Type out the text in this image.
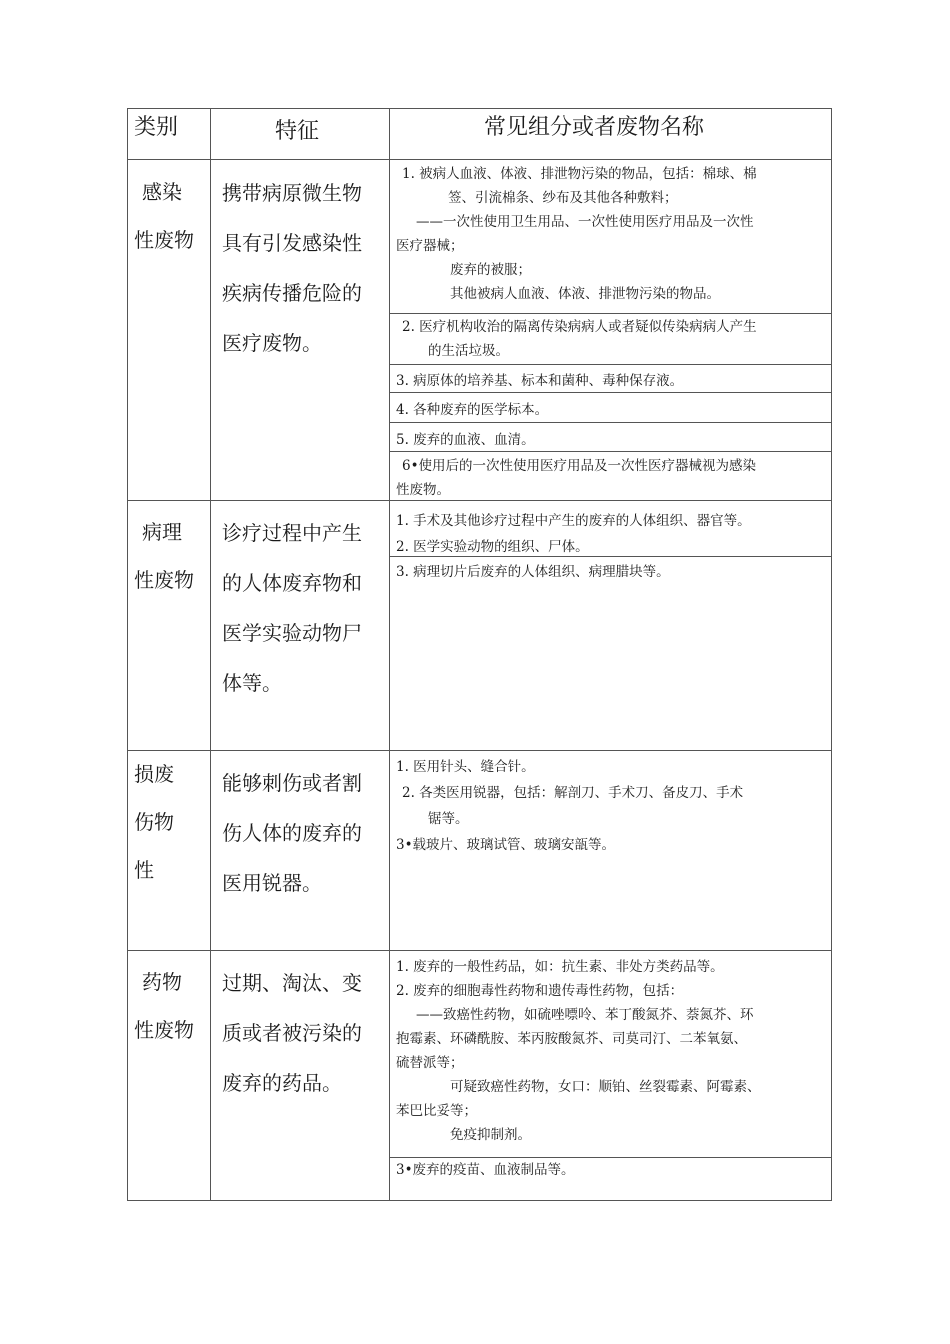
类别	特征	常见组分或者废物名称
感染
性废物
携带病原微生物
具有引发感染性
疾病传播危险的
医疗废物。
1. 被病人血液、体液、排泄物污染的物品，包括：棉球、棉
签、引流棉条、纱布及其他各种敷料；
——一次性使用卫生用品、一次性使用医疗用品及一次性
医疗器械；
废弃的被服；
其他被病人血液、体液、排泄物污染的物品。
2. 医疗机构收治的隔离传染病病人或者疑似传染病病人产生
的生活垃圾。
3. 病原体的培养基、标本和菌种、毒种保存液。
4. 各种废弃的医学标本。
5. 废弃的血液、血清。
6•使用后的一次性使用医疗用品及一次性医疗器械视为感染
性废物。
病理
性废物
诊疗过程中产生
的人体废弃物和
医学实验动物尸
体等。
1. 手术及其他诊疗过程中产生的废弃的人体组织、器官等。
2. 医学实验动物的组织、尸体。
3. 病理切片后废弃的人体组织、病理腊块等。
损废
伤物
性
能够刺伤或者割
伤人体的废弃的
医用锐器。
1. 医用针头、缝合针。
2. 各类医用锐器，包括：解剖刀、手术刀、备皮刀、手术
锯等。
3•载玻片、玻璃试管、玻璃安瓿等。
药物
性废物
过期、淘汰、变
质或者被污染的
废弃的药品。
1. 废弃的一般性药品，如：抗生素、非处方类药品等。
2. 废弃的细胞毒性药物和遗传毒性药物，包括：
——致癌性药物，如硫唑嘌呤、苯丁酸氮芥、萘氮芥、环
抱霉素、环磷酰胺、苯丙胺酸氮芥、司莫司汀、二苯氧氨、
硫替派等；
可疑致癌性药物，女口：顺铂、丝裂霉素、阿霉素、
苯巴比妥等；
免疫抑制剂。
3•废弃的疫苗、血液制品等。
